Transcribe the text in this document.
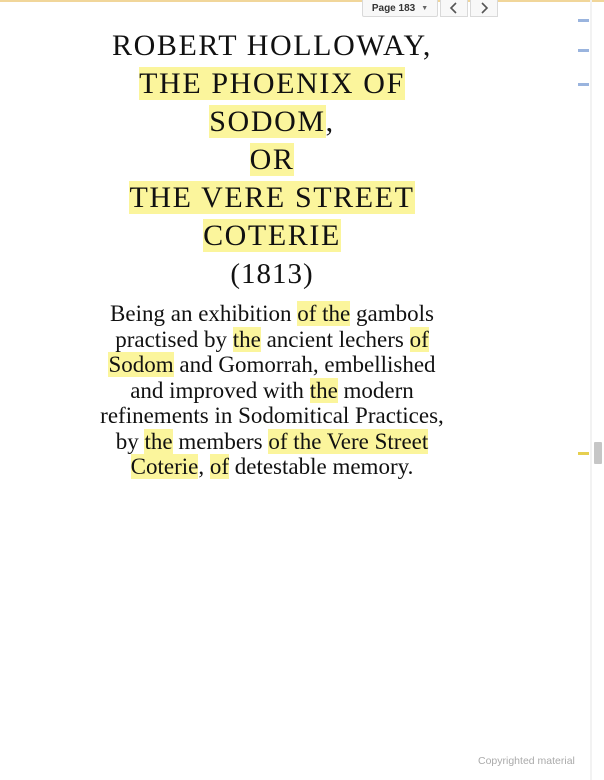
Page 183 ▼
ROBERT HOLLOWAY,
THE PHOENIX OF
SODOM,
OR
THE VERE STREET
COTERIE
(1813)
Being an exhibition of the gambols
practised by the ancient lechers of
Sodom and Gomorrah, embellished
and improved with the modern
refinements in Sodomitical Practices,
by the members of the Vere Street
Coterie, of detestable memory.
Copyrighted material
